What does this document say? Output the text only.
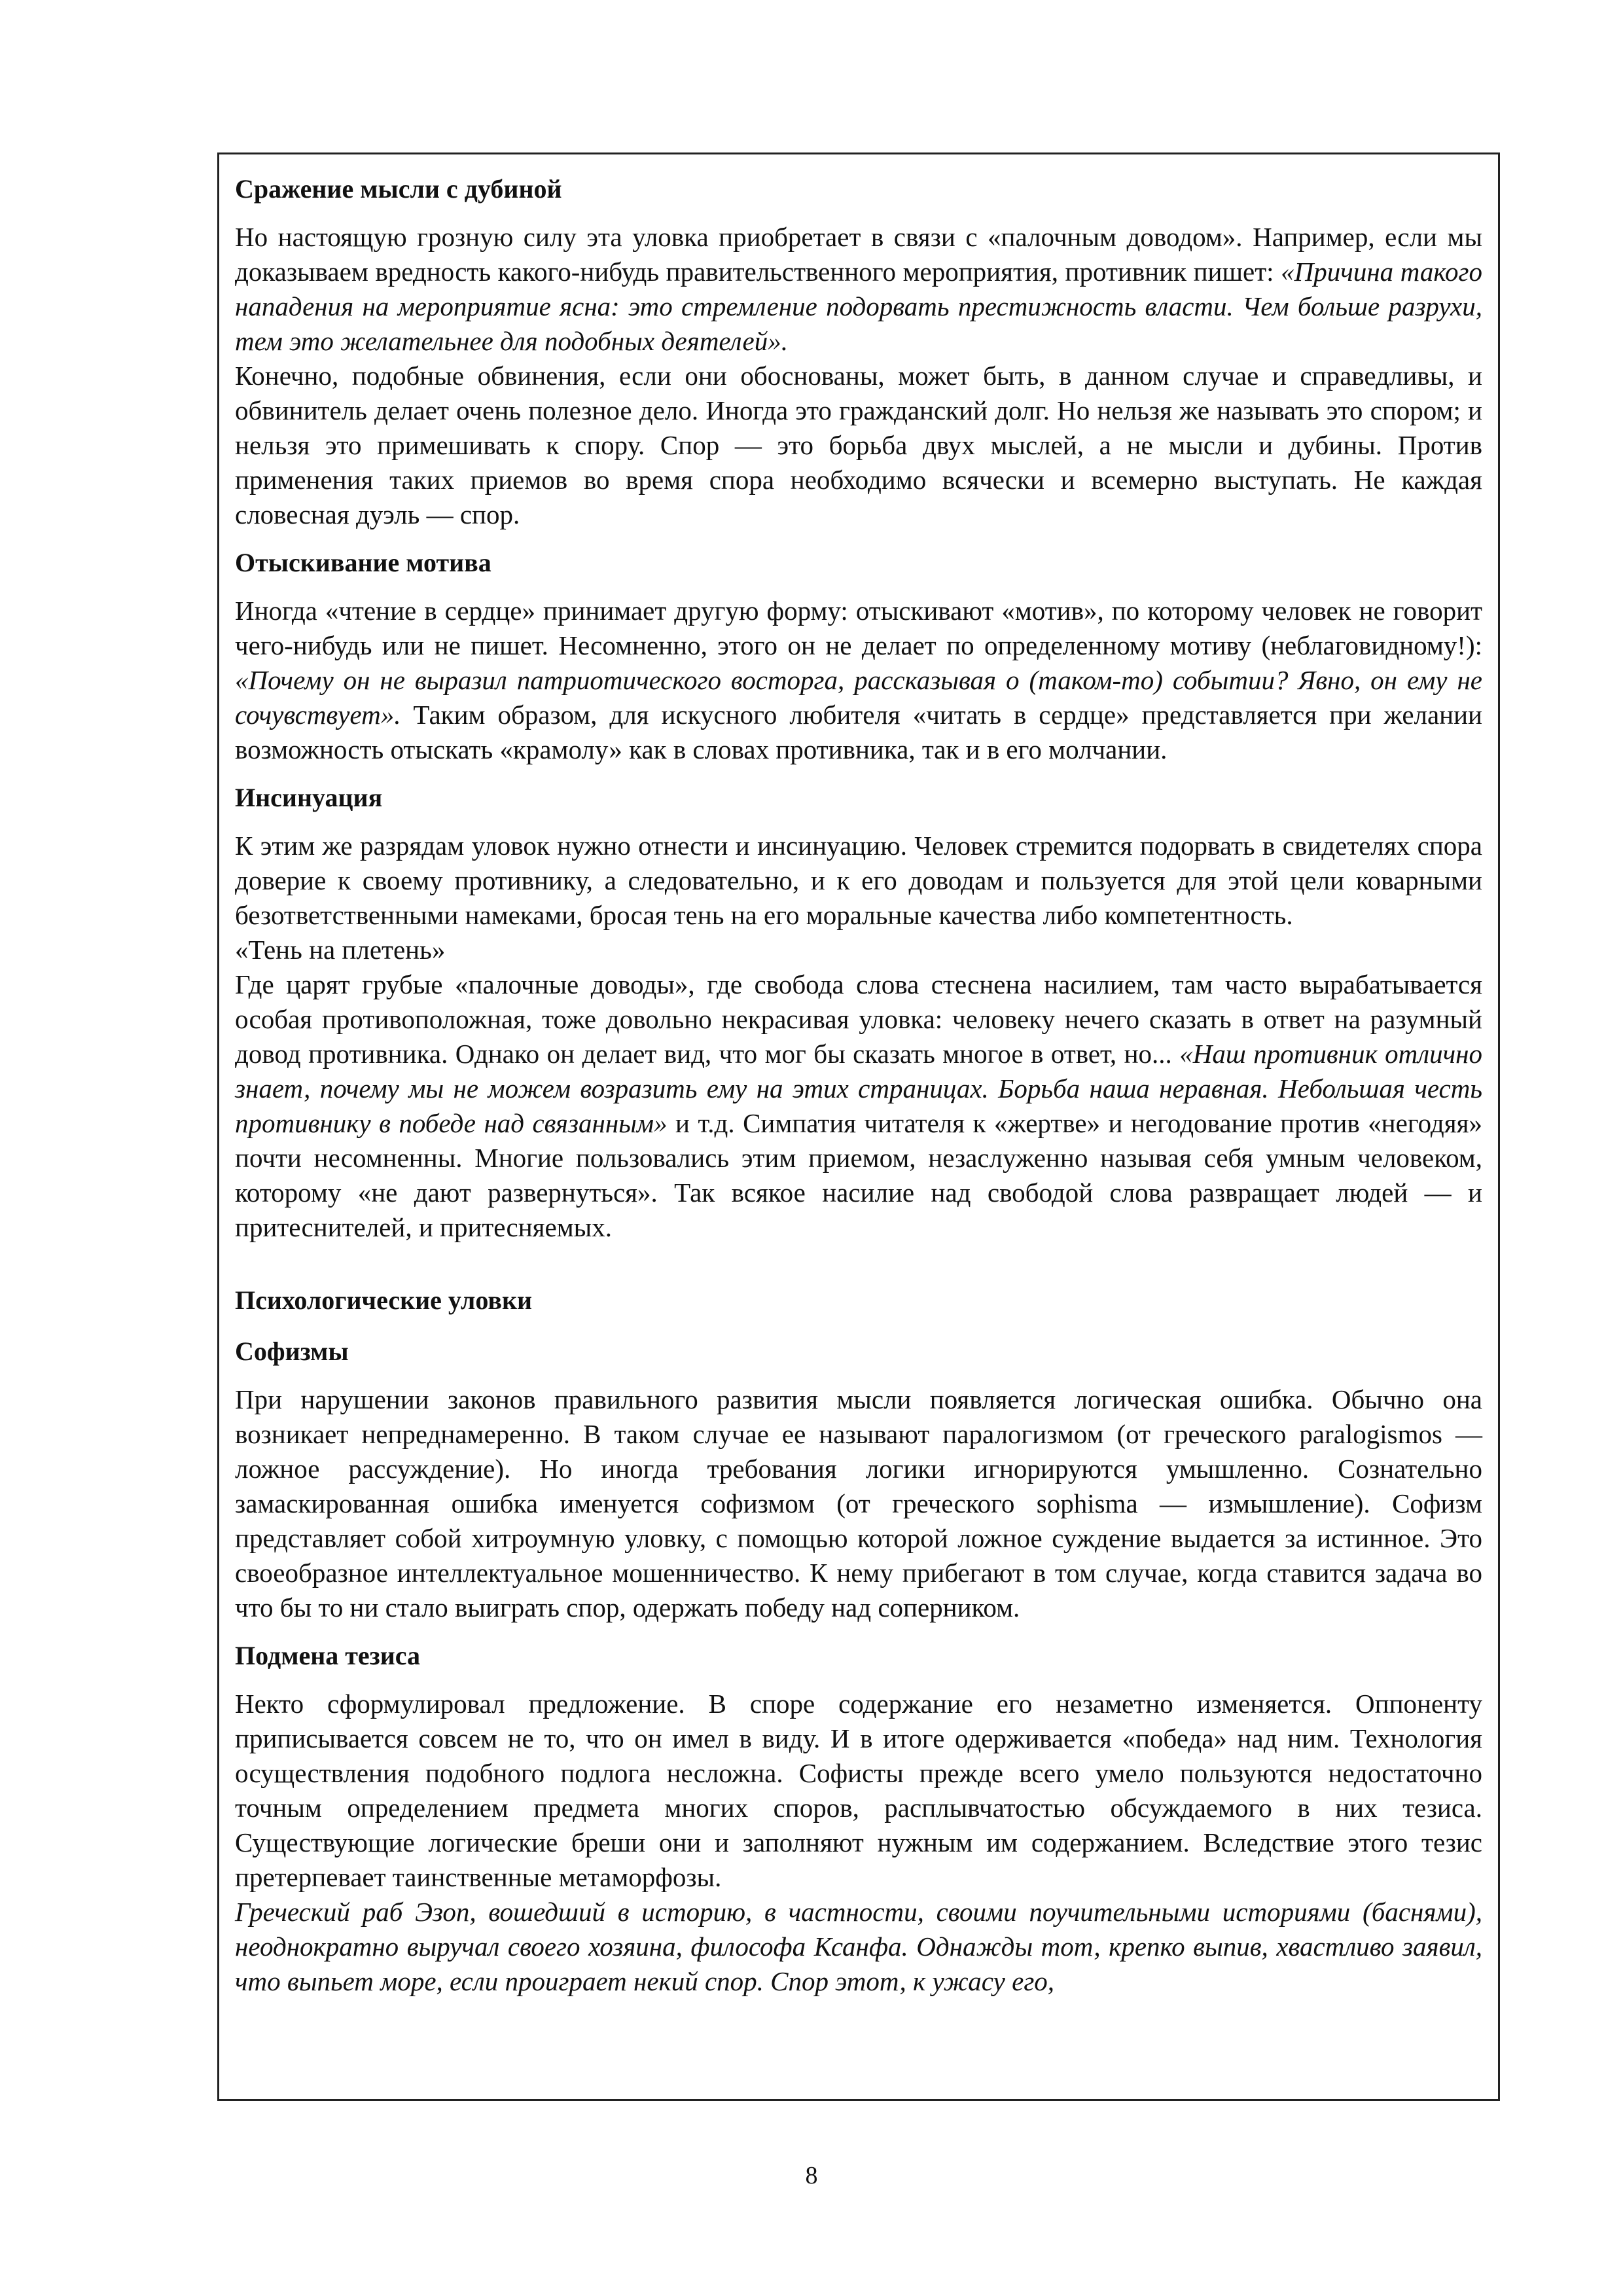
Сражение мысли с дубиной

Но настоящую грозную силу эта уловка приобретает в связи с «палочным доводом». Например, если мы доказываем вредность какого-нибудь правительственного мероприятия, противник пишет: «Причина такого нападения на мероприятие ясна: это стремление подорвать престижность власти. Чем больше разрухи, тем это желательнее для подобных деятелей».

Конечно, подобные обвинения, если они обоснованы, может быть, в данном случае и справедливы, и обвинитель делает очень полезное дело. Иногда это гражданский долг. Но нельзя же называть это спором; и нельзя это примешивать к спору. Спор — это борьба двух мыслей, а не мысли и дубины. Против применения таких приемов во время спора необходимо всячески и всемерно выступать. Не каждая словесная дуэль — спор.

Отыскивание мотива

Иногда «чтение в сердце» принимает другую форму: отыскивают «мотив», по которому человек не говорит чего-нибудь или не пишет. Несомненно, этого он не делает по определенному мотиву (неблаговидному!): «Почему он не выразил патриотического восторга, рассказывая о (таком-то) событии? Явно, он ему не сочувствует». Таким образом, для искусного любителя «читать в сердце» представляется при желании возможность отыскать «крамолу» как в словах противника, так и в его молчании.

Инсинуация

К этим же разрядам уловок нужно отнести и инсинуацию. Человек стремится подорвать в свидетелях спора доверие к своему противнику, а следовательно, и к его доводам и пользуется для этой цели коварными безответственными намеками, бросая тень на его моральные качества либо компетентность.

«Тень на плетень»

Где царят грубые «палочные доводы», где свобода слова стеснена насилием, там часто вырабатывается особая противоположная, тоже довольно некрасивая уловка: человеку нечего сказать в ответ на разумный довод противника. Однако он делает вид, что мог бы сказать многое в ответ, но... «Наш противник отлично знает, почему мы не можем возразить ему на этих страницах. Борьба наша неравная. Небольшая честь противнику в победе над связанным» и т.д. Симпатия читателя к «жертве» и негодование против «негодяя» почти несомненны. Многие пользовались этим приемом, незаслуженно называя себя умным человеком, которому «не дают развернуться». Так всякое насилие над свободой слова развращает людей — и притеснителей, и притесняемых.

Психологические уловки
Софизмы

При нарушении законов правильного развития мысли появляется логическая ошибка. Обычно она возникает непреднамеренно. В таком случае ее называют паралогизмом (от греческого paralogismos — ложное рассуждение). Но иногда требования логики игнорируются умышленно. Сознательно замаскированная ошибка именуется софизмом (от греческого sophisma — измышление). Софизм представляет собой хитроумную уловку, с помощью которой ложное суждение выдается за истинное. Это своеобразное интеллектуальное мошенничество. К нему прибегают в том случае, когда ставится задача во что бы то ни стало выиграть спор, одержать победу над соперником.

Подмена тезиса

Некто сформулировал предложение. В споре содержание его незаметно изменяется. Оппоненту приписывается совсем не то, что он имел в виду. И в итоге одерживается «победа» над ним. Технология осуществления подобного подлога несложна. Софисты прежде всего умело пользуются недостаточно точным определением предмета многих споров, расплывчатостью обсуждаемого в них тезиса. Существующие логические бреши они и заполняют нужным им содержанием. Вследствие этого тезис претерпевает таинственные метаморфозы.

Греческий раб Эзоп, вошедший в историю, в частности, своими поучительными историями (баснями), неоднократно выручал своего хозяина, философа Ксанфа. Однажды тот, крепко выпив, хвастливо заявил, что выпьет море, если проиграет некий спор. Спор этот, к ужасу его,

8
